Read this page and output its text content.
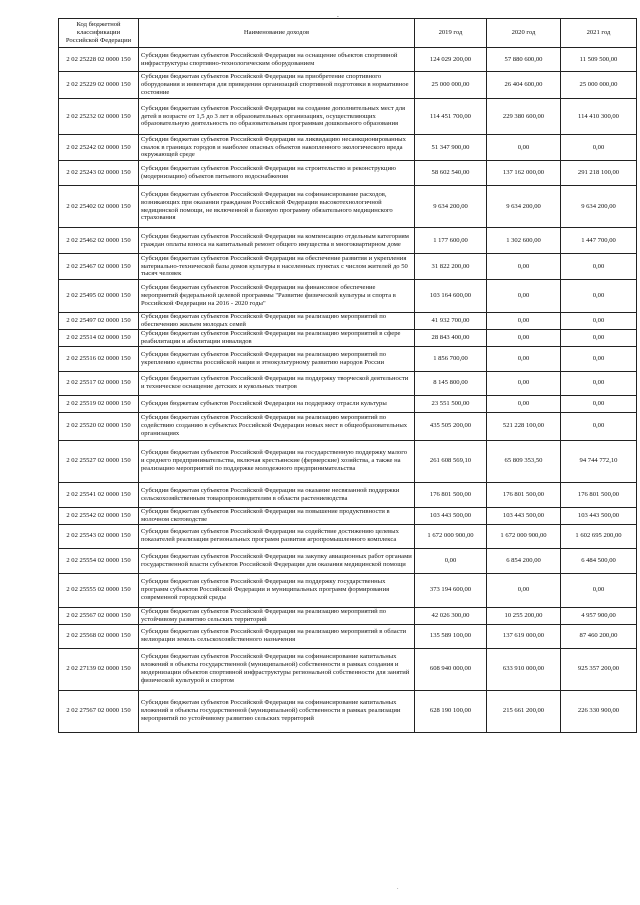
-
Код бюджетной классификации Российской Федерации	Наименование доходов	2019 год	2020 год	2021 год
2 02 25228 02 0000 150	Субсидии бюджетам субъектов Российской Федерации на оснащение объектов спортивной инфраструктуры спортивно-технологическим оборудованием	124 029 200,00	57 880 600,00	11 509 500,00
2 02 25229 02 0000 150	Субсидии бюджетам субъектов Российской Федерации на приобретение спортивного оборудования и инвентаря для приведения организаций спортивной подготовки в нормативное состояние	25 000 000,00	26 404 600,00	25 000 000,00
2 02 25232 02 0000 150	Субсидии бюджетам субъектов Российской Федерации на создание дополнительных мест для детей в возрасте от 1,5 до 3 лет в образовательных организациях, осуществляющих образовательную деятельность по образовательным программам дошкольного образования	114 451 700,00	229 380 600,00	114 410 300,00
2 02 25242 02 0000 150	Субсидии бюджетам субъектов Российской Федерации на ликвидацию несанкционированных свалок в границах городов и наиболее опасных объектов накопленного экологического вреда окружающей среде	51 347 900,00	0,00	0,00
2 02 25243 02 0000 150	Субсидии бюджетам субъектов Российской Федерации на строительство и реконструкцию (модернизацию) объектов питьевого водоснабжения	58 602 540,00	137 162 000,00	291 218 100,00
2 02 25402 02 0000 150	Субсидии бюджетам субъектов Российской Федерации на софинансирование расходов, возникающих при оказании гражданам Российской Федерации высокотехнологичной медицинской помощи, не включенной в базовую программу обязательного медицинского страхования	9 634 200,00	9 634 200,00	9 634 200,00
2 02 25462 02 0000 150	Субсидии бюджетам субъектов Российской Федерации на компенсацию отдельным категориям граждан оплаты взноса на капитальный ремонт общего имущества в многоквартирном доме	1 177 600,00	1 302 600,00	1 447 700,00
2 02 25467 02 0000 150	Субсидии бюджетам субъектов Российской Федерации на обеспечение развития и укрепления материально-технической базы домов культуры в населенных пунктах с числом жителей до 50 тысяч человек	31 822 200,00	0,00	0,00
2 02 25495 02 0000 150	Субсидии бюджетам субъектов Российской Федерации на финансовое обеспечение мероприятий федеральной целевой программы "Развитие физической культуры и спорта в Российской Федерации на 2016 - 2020 годы"	103 164 600,00	0,00	0,00
2 02 25497 02 0000 150	Субсидии бюджетам субъектов Российской Федерации на реализацию мероприятий по обеспечению жильем молодых семей	41 932 700,00	0,00	0,00
2 02 25514 02 0000 150	Субсидии бюджетам субъектов Российской Федерации на реализацию мероприятий в сфере реабилитации и абилитации инвалидов	28 843 400,00	0,00	0,00
2 02 25516 02 0000 150	Субсидии бюджетам субъектов Российской Федерации на реализацию мероприятий по укреплению единства российской нации и этнокультурному развитию народов России	1 856 700,00	0,00	0,00
2 02 25517 02 0000 150	Субсидии бюджетам субъектов Российской Федерации на поддержку творческой деятельности и техническое оснащение детских и кукольных театров	8 145 800,00	0,00	0,00
2 02 25519 02 0000 150	Субсидия бюджетам субъектов Российской Федерации на поддержку отрасли культуры	23 551 500,00	0,00	0,00
2 02 25520 02 0000 150	Субсидии бюджетам субъектов Российской Федерации на реализацию мероприятий по содействию созданию в субъектах Российской Федерации новых мест в общеобразовательных организациях	435 505 200,00	521 228 100,00	0,00
2 02 25527 02 0000 150	Субсидии бюджетам субъектов Российской Федерации на государственную поддержку малого и среднего предпринимательства, включая крестьянские (фермерские) хозяйства, а также на реализацию мероприятий по поддержке молодежного предпринимательства	261 608 569,10	65 809 353,50	94 744 772,10
2 02 25541 02 0000 150	Субсидии бюджетам субъектов Российской Федерации на оказание несвязанной поддержки сельскохозяйственным товаропроизводителям в области растениеводства	176 801 500,00	176 801 500,00	176 801 500,00
2 02 25542 02 0000 150	Субсидии бюджетам субъектов Российской Федерации на повышение продуктивности в молочном скотоводстве	103 443 500,00	103 443 500,00	103 443 500,00
2 02 25543 02 0000 150	Субсидии бюджетам субъектов Российской Федерации на содействие достижению целевых показателей реализации региональных программ развития агропромышленного комплекса	1 672 000 900,00	1 672 000 900,00	1 602 695 200,00
2 02 25554 02 0000 150	Субсидии бюджетам субъектов Российской Федерации на закупку авиационных работ органами государственной власти субъектов Российской Федерации для оказания медицинской помощи	0,00	6 854 200,00	6 484 500,00
2 02 25555 02 0000 150	Субсидии бюджетам субъектов Российской Федерации на поддержку государственных программ субъектов Российской Федерации и муниципальных программ формирования современной городской среды	373 194 600,00	0,00	0,00
2 02 25567 02 0000 150	Субсидии бюджетам субъектов Российской Федерации на реализацию мероприятий по устойчивому развитию сельских территорий	42 026 300,00	10 255 200,00	4 957 900,00
2 02 25568 02 0000 150	Субсидии бюджетам субъектов Российской Федерации на реализацию мероприятий в области мелиорации земель сельскохозяйственного назначения	135 589 100,00	137 619 000,00	87 460 200,00
2 02 27139 02 0000 150	Субсидии бюджетам субъектов Российской Федерации на софинансирование капитальных вложений в объекты государственной (муниципальной) собственности в рамках создания и модернизации объектов спортивной инфраструктуры региональной собственности для занятий физической культурой и спортом	608 940 000,00	633 910 000,00	925 357 200,00
2 02 27567 02 0000 150	Субсидии бюджетам субъектов Российской Федерации на софинансирование капитальных вложений в объекты государственной (муниципальной) собственности в рамках реализации мероприятий по устойчивому развитию сельских территорий	628 190 100,00	215 661 200,00	226 330 900,00
.
